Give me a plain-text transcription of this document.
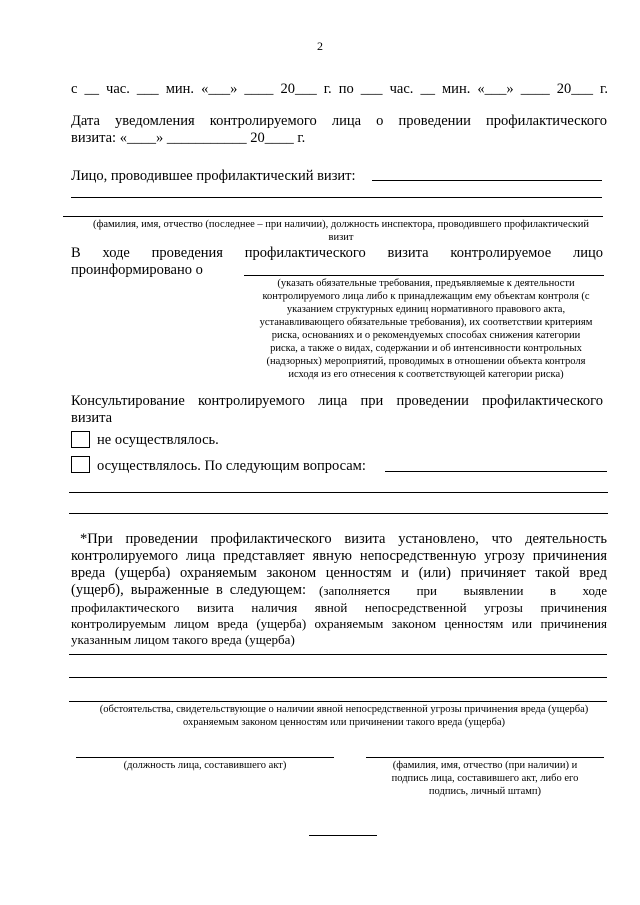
2
с __ час. ___ мин. «___» ____ 20___ г. по ___ час. __ мин. «___» ____ 20___ г.
Дата уведомления контролируемого лица о проведении профилактического
визита: «____» ___________ 20____ г.
Лицо, проводившее профилактический визит:
(фамилия, имя, отчество (последнее – при наличии), должность инспектора, проводившего профилактический
визит
В ходе проведения профилактического визита контролируемое лицо
проинформировано о
(указать обязательные требования, предъявляемые к деятельности
контролируемого лица либо к принадлежащим ему объектам контроля (с
указанием структурных единиц нормативного правового акта,
устанавливающего обязательные требования), их соответствии критериям
риска, основаниях и о рекомендуемых способах снижения категории
риска, а также о видах, содержании и об интенсивности контрольных
(надзорных) мероприятий, проводимых в отношении объекта контроля
исходя из его отнесения к соответствующей категории риска)
Консультирование контролируемого лица при проведении профилактического
визита
не осуществлялось.
осуществлялось. По следующим вопросам:
*При проведении профилактического визита установлено, что деятельность
контролируемого лица представляет явную непосредственную угрозу причинения
вреда (ущерба) охраняемым законом ценностям и (или) причиняет такой вред
(ущерб), выраженные в следующем: (заполняется при выявлении в ходе
профилактического визита наличия явной непосредственной угрозы причинения
контролируемым лицом вреда (ущерба) охраняемым законом ценностям или причинения
указанным лицом такого вреда (ущерба)
(обстоятельства, свидетельствующие о наличии явной непосредственной угрозы причинения вреда (ущерба)
охраняемым законом ценностям или причинении такого вреда (ущерба)
(должность лица, составившего акт)	(фамилия, имя, отчество (при наличии) и
подпись лица, составившего акт, либо его
подпись, личный штамп)
